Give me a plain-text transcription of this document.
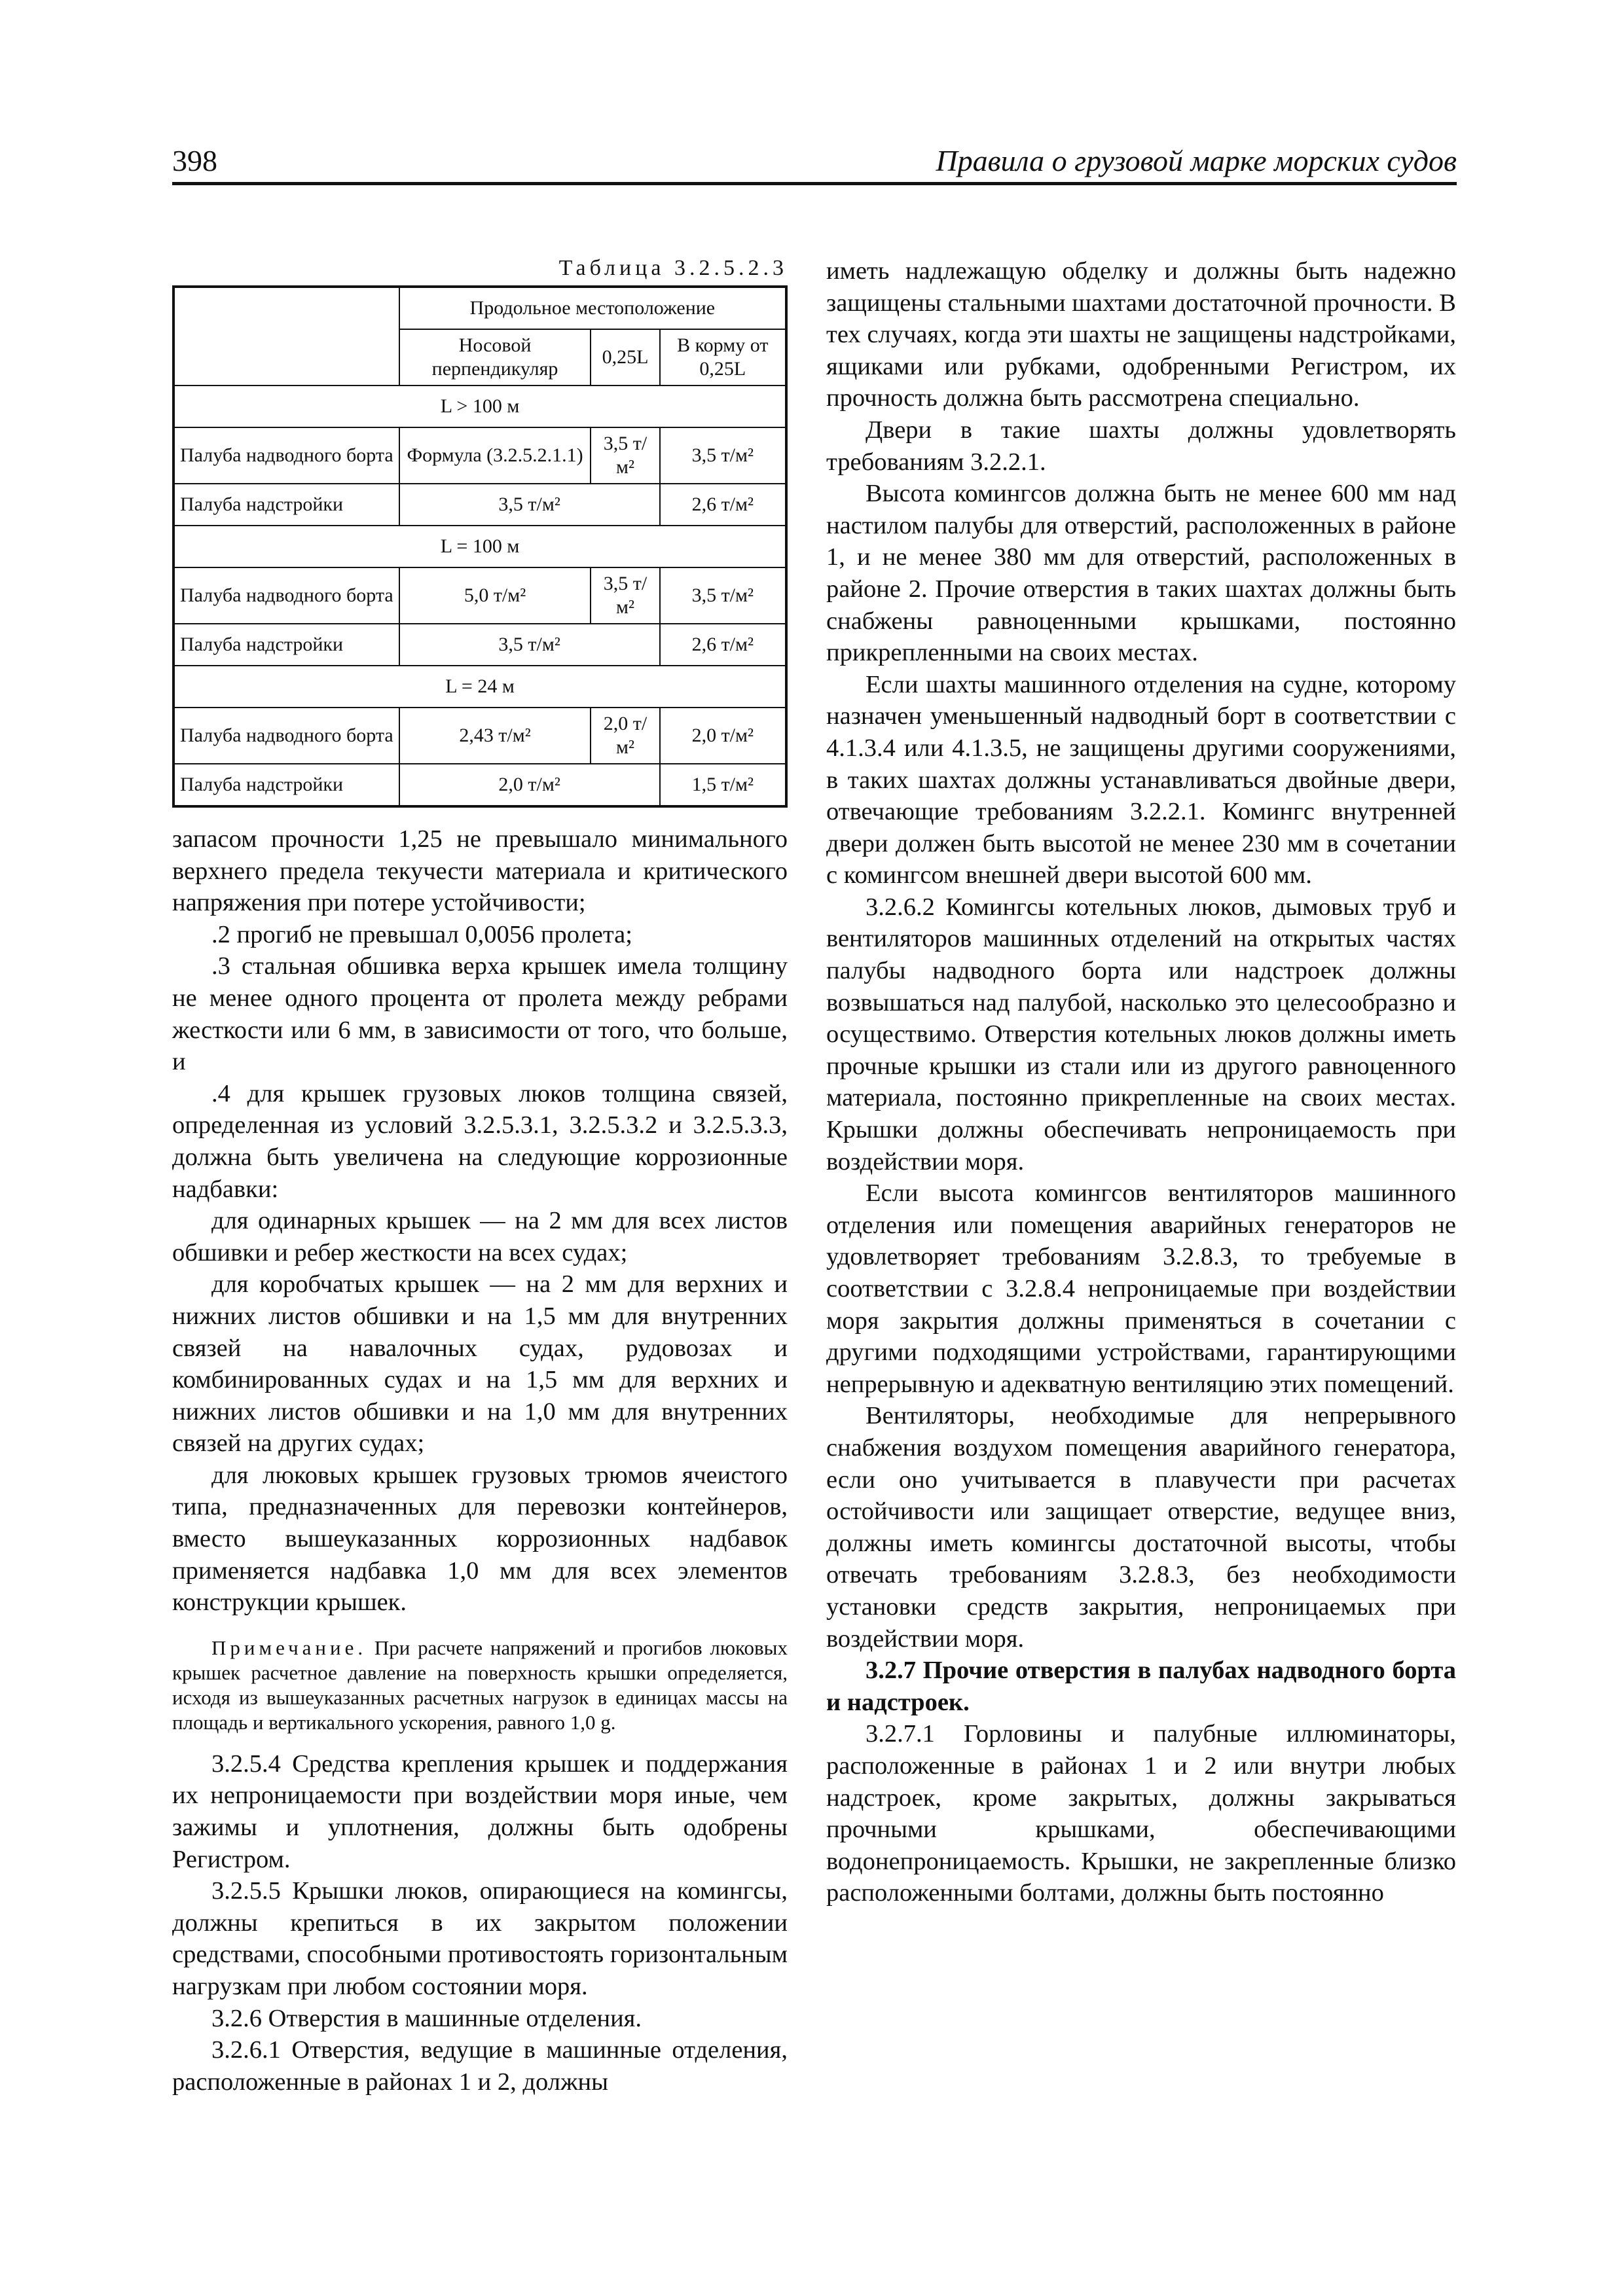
398	Правила о грузовой марке морских судов
Таблица 3.2.5.2.3
	Продольное местоположение		
	Носовой перпендикуляр	0,25L	В корму от 0,25L
L > 100 м			
Палуба надводного борта	Формула (3.2.5.2.1.1)	3,5 т/м²	3,5 т/м²
Палуба надстройки	3,5 т/м²		2,6 т/м²
L = 100 м			
Палуба надводного борта	5,0 т/м²	3,5 т/м²	3,5 т/м²
Палуба надстройки	3,5 т/м²		2,6 т/м²
L = 24 м			
Палуба надводного борта	2,43 т/м²	2,0 т/м²	2,0 т/м²
Палуба надстройки	2,0 т/м²		1,5 т/м²

запасом прочности 1,25 не превышало минимального верхнего предела текучести материала и критического напряжения при потере устойчивости;

.2 прогиб не превышал 0,0056 пролета;

.3 стальная обшивка верха крышек имела толщину не менее одного процента от пролета между ребрами жесткости или 6 мм, в зависимости от того, что больше, и

.4 для крышек грузовых люков толщина связей, определенная из условий 3.2.5.3.1, 3.2.5.3.2 и 3.2.5.3.3, должна быть увеличена на следующие коррозионные надбавки:

для одинарных крышек — на 2 мм для всех листов обшивки и ребер жесткости на всех судах;

для коробчатых крышек — на 2 мм для верхних и нижних листов обшивки и на 1,5 мм для внутренних связей на навалочных судах, рудовозах и комбинированных судах и на 1,5 мм для верхних и нижних листов обшивки и на 1,0 мм для внутренних связей на других судах;

для люковых крышек грузовых трюмов ячеистого типа, предназначенных для перевозки контейнеров, вместо вышеуказанных коррозионных надбавок применяется надбавка 1,0 мм для всех элементов конструкции крышек.

Примечание. При расчете напряжений и прогибов люковых крышек расчетное давление на поверхность крышки определяется, исходя из вышеуказанных расчетных нагрузок в единицах массы на площадь и вертикального ускорения, равного 1,0 g.

3.2.5.4 Средства крепления крышек и поддержания их непроницаемости при воздействии моря иные, чем зажимы и уплотнения, должны быть одобрены Регистром.

3.2.5.5 Крышки люков, опирающиеся на комингсы, должны крепиться в их закрытом положении средствами, способными противостоять горизонтальным нагрузкам при любом состоянии моря.

3.2.6 Отверстия в машинные отделения.

3.2.6.1 Отверстия, ведущие в машинные отделения, расположенные в районах 1 и 2, должны

иметь надлежащую обделку и должны быть надежно защищены стальными шахтами достаточной прочности. В тех случаях, когда эти шахты не защищены надстройками, ящиками или рубками, одобренными Регистром, их прочность должна быть рассмотрена специально.

Двери в такие шахты должны удовлетворять требованиям 3.2.2.1.

Высота комингсов должна быть не менее 600 мм над настилом палубы для отверстий, расположенных в районе 1, и не менее 380 мм для отверстий, расположенных в районе 2. Прочие отверстия в таких шахтах должны быть снабжены равноценными крышками, постоянно прикрепленными на своих местах.

Если шахты машинного отделения на судне, которому назначен уменьшенный надводный борт в соответствии с 4.1.3.4 или 4.1.3.5, не защищены другими сооружениями, в таких шахтах должны устанавливаться двойные двери, отвечающие требованиям 3.2.2.1. Комингс внутренней двери должен быть высотой не менее 230 мм в сочетании с комингсом внешней двери высотой 600 мм.

3.2.6.2 Комингсы котельных люков, дымовых труб и вентиляторов машинных отделений на открытых частях палубы надводного борта или надстроек должны возвышаться над палубой, насколько это целесообразно и осуществимо. Отверстия котельных люков должны иметь прочные крышки из стали или из другого равноценного материала, постоянно прикрепленные на своих местах. Крышки должны обеспечивать непроницаемость при воздействии моря.

Если высота комингсов вентиляторов машинного отделения или помещения аварийных генераторов не удовлетворяет требованиям 3.2.8.3, то требуемые в соответствии с 3.2.8.4 непроницаемые при воздействии моря закрытия должны применяться в сочетании с другими подходящими устройствами, гарантирующими непрерывную и адекватную вентиляцию этих помещений.

Вентиляторы, необходимые для непрерывного снабжения воздухом помещения аварийного генератора, если оно учитывается в плавучести при расчетах остойчивости или защищает отверстие, ведущее вниз, должны иметь комингсы достаточной высоты, чтобы отвечать требованиям 3.2.8.3, без необходимости установки средств закрытия, непроницаемых при воздействии моря.

3.2.7 Прочие отверстия в палубах надводного борта и надстроек.

3.2.7.1 Горловины и палубные иллюминаторы, расположенные в районах 1 и 2 или внутри любых надстроек, кроме закрытых, должны закрываться прочными крышками, обеспечивающими водонепроницаемость. Крышки, не закрепленные близко расположенными болтами, должны быть постоянно
